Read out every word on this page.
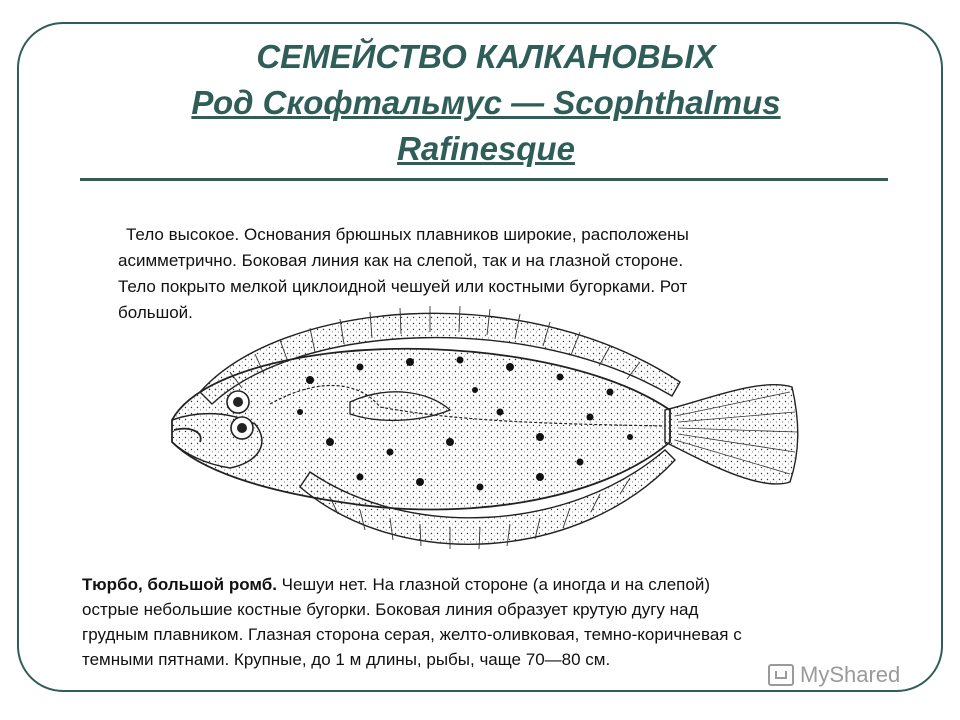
СЕМЕЙСТВО КАЛКАНОВЫХ
Род Скофтальмус — Scophthalmus
Rafinesque
Тело высокое. Основания брюшных плавников широкие, расположены
асимметрично. Боковая линия как на слепой, так и на глазной стороне.
Тело покрыто мелкой циклоидной чешуей или костными бугорками. Рот
большой.
Тюрбо, большой ромб. Чешуи нет. На глазной стороне (а иногда и на слепой)
острые небольшие костные бугорки. Боковая линия образует крутую дугу над
грудным плавником. Глазная сторона серая, желто-оливковая, темно-коричневая с
темными пятнами. Крупные, до 1 м длины, рыбы, чаще 70—80 см.
MyShared
